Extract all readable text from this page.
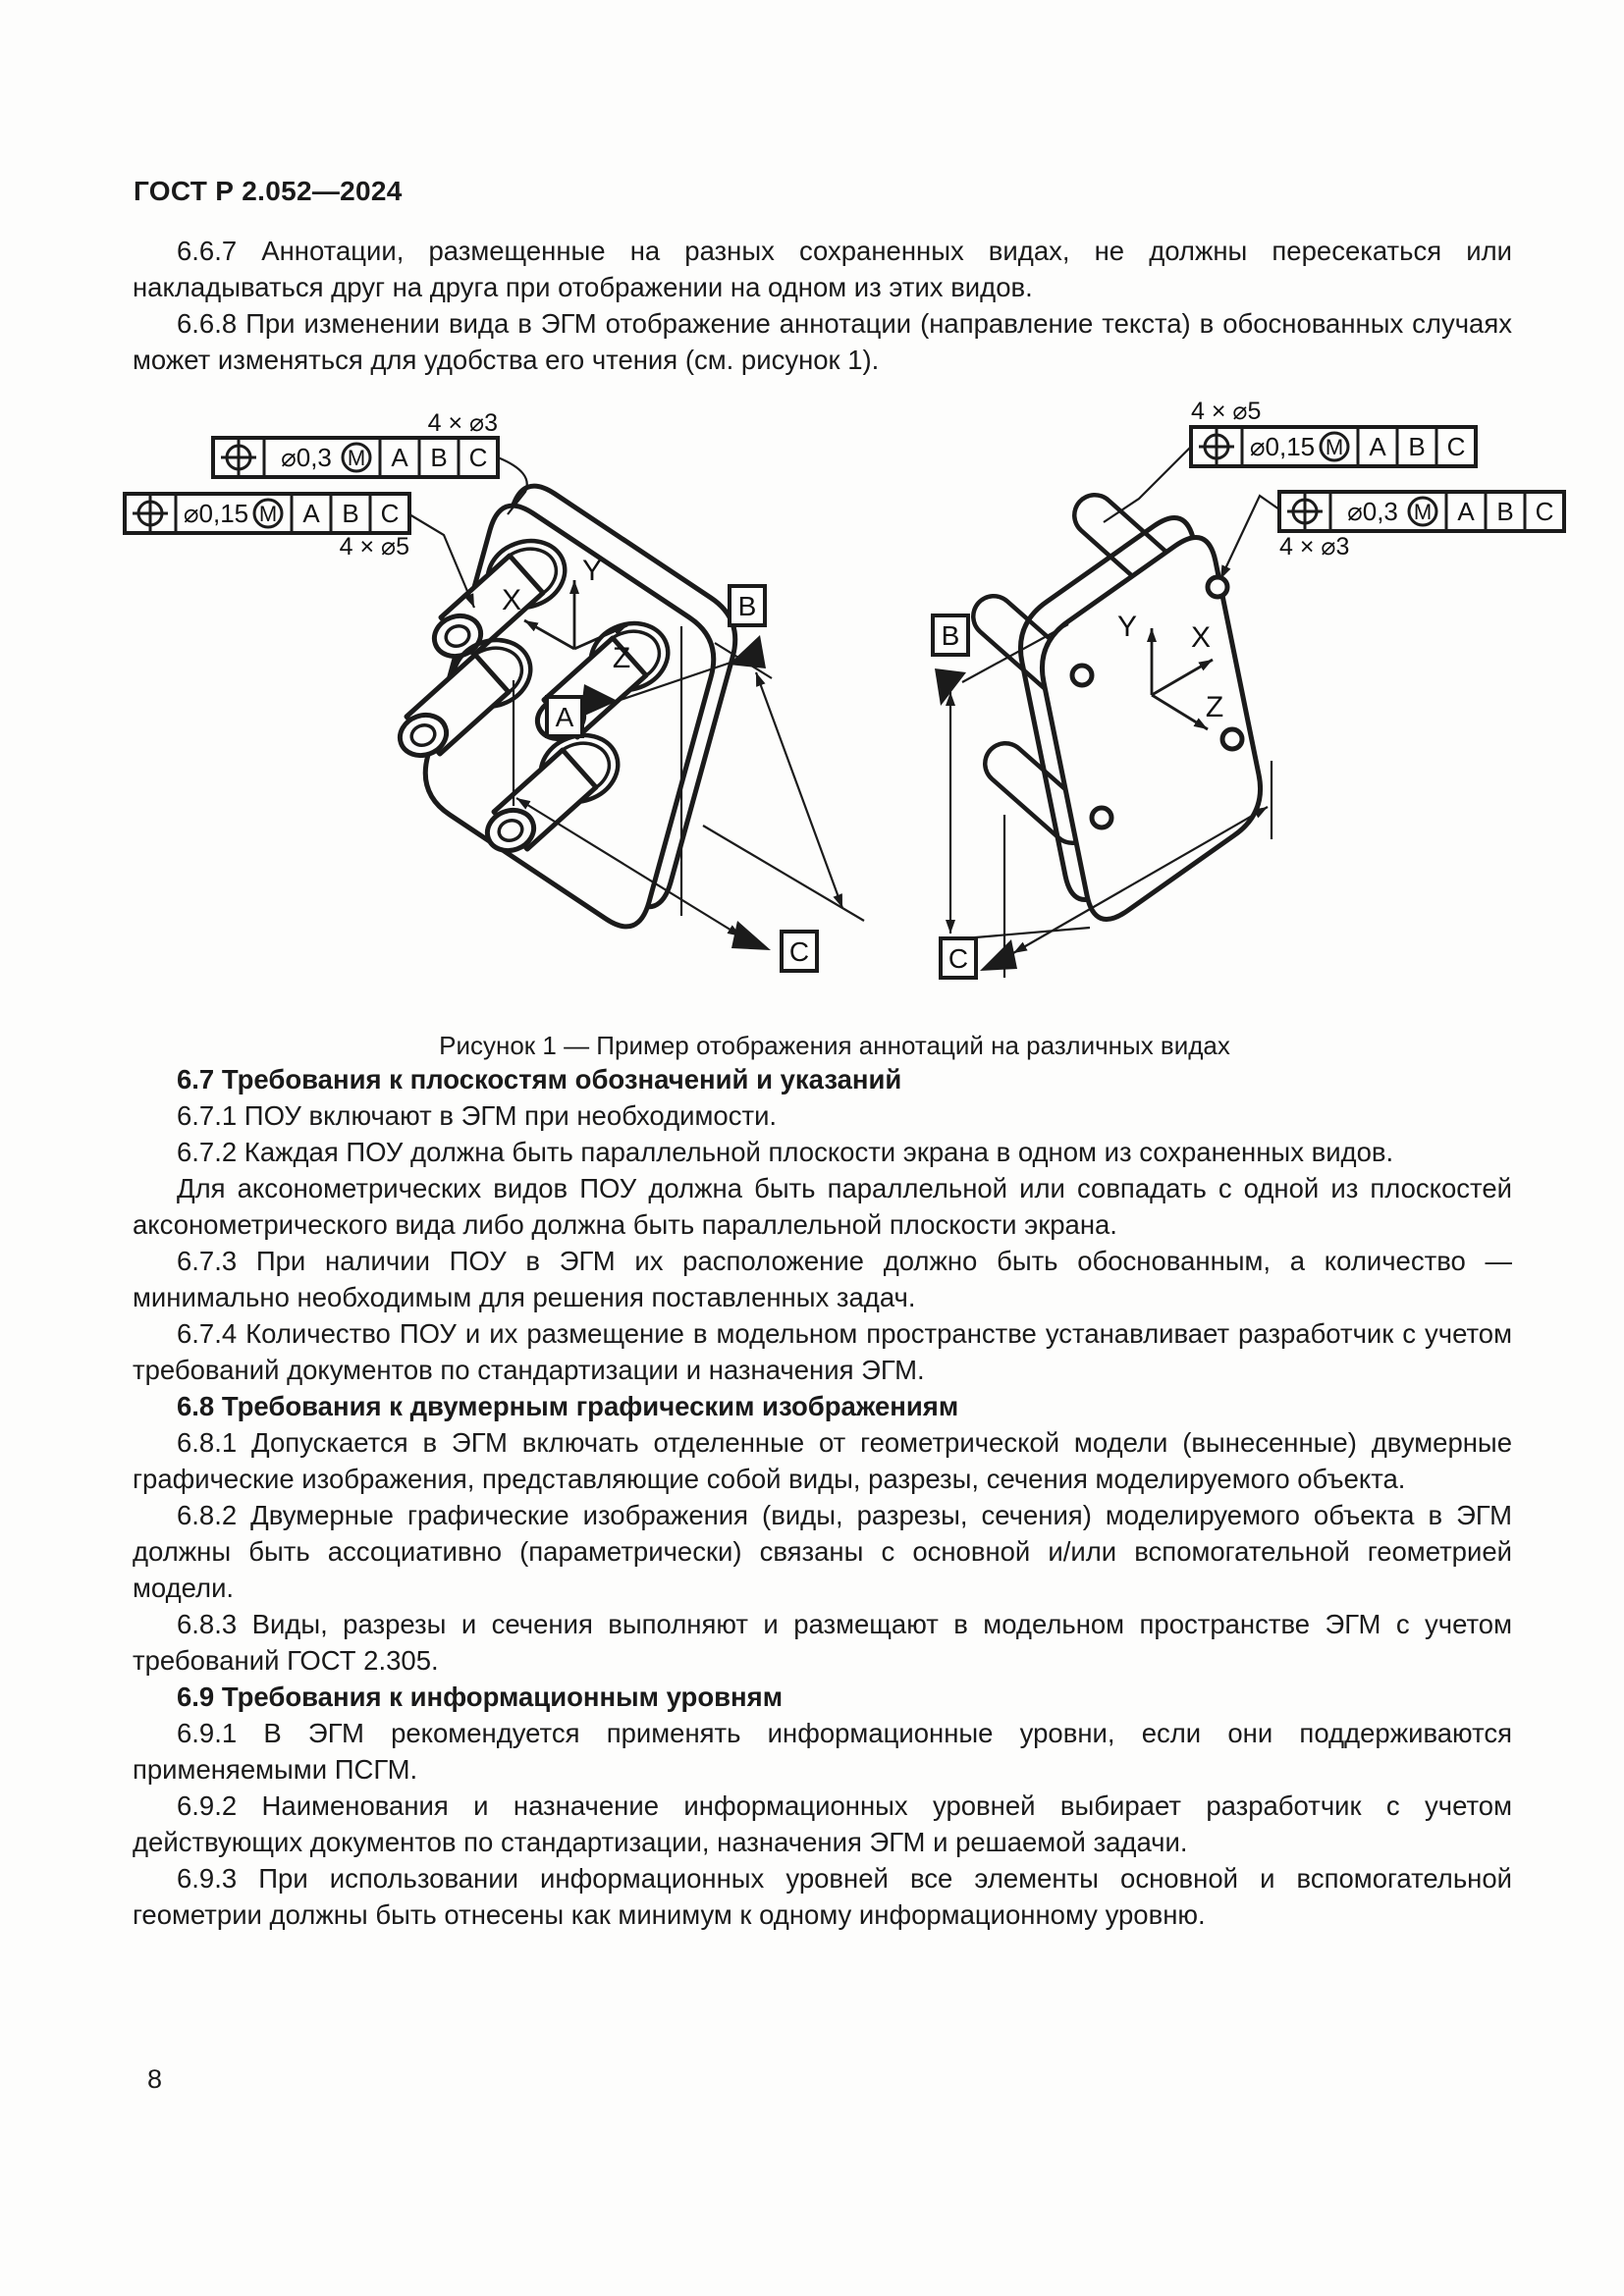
ГОСТ Р 2.052—2024

6.6.7 Аннотации, размещенные на разных сохраненных видах, не должны пересекаться или накладываться друг на друга при отображении на одном из этих видов.

6.6.8 При изменении вида в ЭГМ отображение аннотации (направление текста) в обоснованных случаях может изменяться для удобства его чтения (см. рисунок 1).

Y
X
Z
A
B
C
⌀0,3 M A B C
4 × ⌀3
⌀0,15 M A B C
4 × ⌀5
Y X
Z
B
C
⌀0,15 M A B C
4 × ⌀5
⌀0,3 M A B C
4 × ⌀3
Рисунок 1 — Пример отображения аннотаций на различных видах
6.7 Требования к плоскостям обозначений и указаний

6.7.1 ПОУ включают в ЭГМ при необходимости.

6.7.2 Каждая ПОУ должна быть параллельной плоскости экрана в одном из сохраненных видов.

Для аксонометрических видов ПОУ должна быть параллельной или совпадать с одной из плоскостей аксонометрического вида либо должна быть параллельной плоскости экрана.

6.7.3 При наличии ПОУ в ЭГМ их расположение должно быть обоснованным, а количество — минимально необходимым для решения поставленных задач.

6.7.4 Количество ПОУ и их размещение в модельном пространстве устанавливает разработчик с учетом требований документов по стандартизации и назначения ЭГМ.

6.8 Требования к двумерным графическим изображениям

6.8.1 Допускается в ЭГМ включать отделенные от геометрической модели (вынесенные) двумерные графические изображения, представляющие собой виды, разрезы, сечения моделируемого объекта.

6.8.2 Двумерные графические изображения (виды, разрезы, сечения) моделируемого объекта в ЭГМ должны быть ассоциативно (параметрически) связаны с основной и/или вспомогательной геометрией модели.

6.8.3 Виды, разрезы и сечения выполняют и размещают в модельном пространстве ЭГМ с учетом требований ГОСТ 2.305.

6.9 Требования к информационным уровням

6.9.1 В ЭГМ рекомендуется применять информационные уровни, если они поддерживаются применяемыми ПСГМ.

6.9.2 Наименования и назначение информационных уровней выбирает разработчик с учетом действующих документов по стандартизации, назначения ЭГМ и решаемой задачи.

6.9.3 При использовании информационных уровней все элементы основной и вспомогательной геометрии должны быть отнесены как минимум к одному информационному уровню.

8
